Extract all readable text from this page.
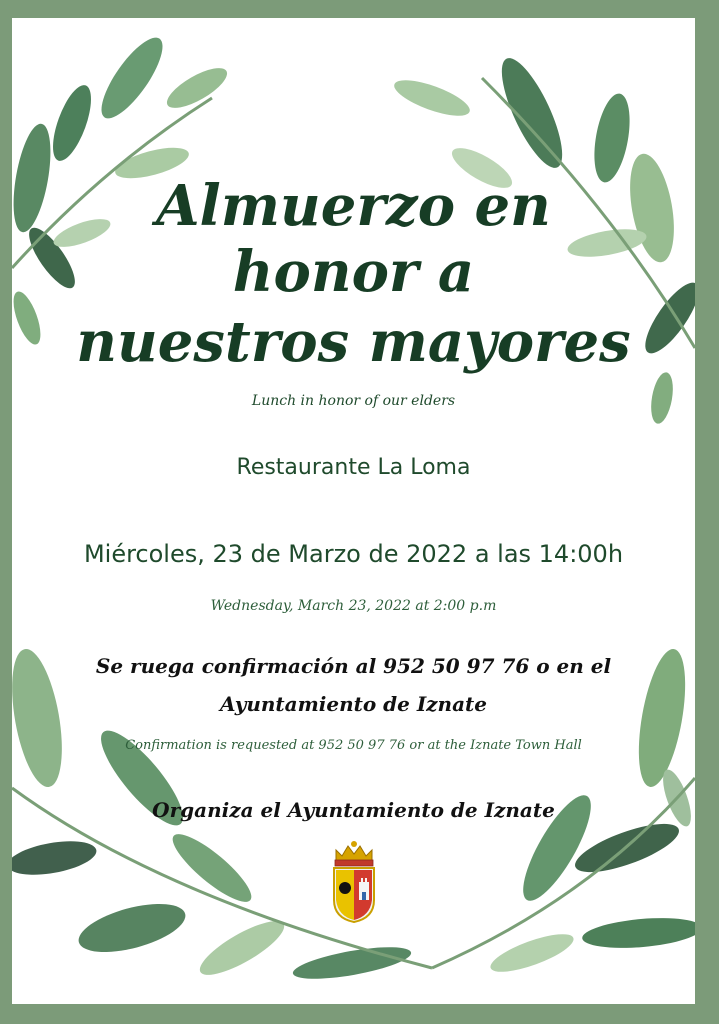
Almuerzo en
honor a
nuestros mayores
Lunch in honor of our elders
Restaurante La Loma
Miércoles, 23 de Marzo de 2022 a las 14:00h
Wednesday, March 23, 2022 at 2:00 p.m
Se ruega confirmación al 952 50 97 76 o en el
Ayuntamiento de Iznate
Confirmation is requested at 952 50 97 76 or at the Iznate Town Hall
Organiza el Ayuntamiento de Iznate
